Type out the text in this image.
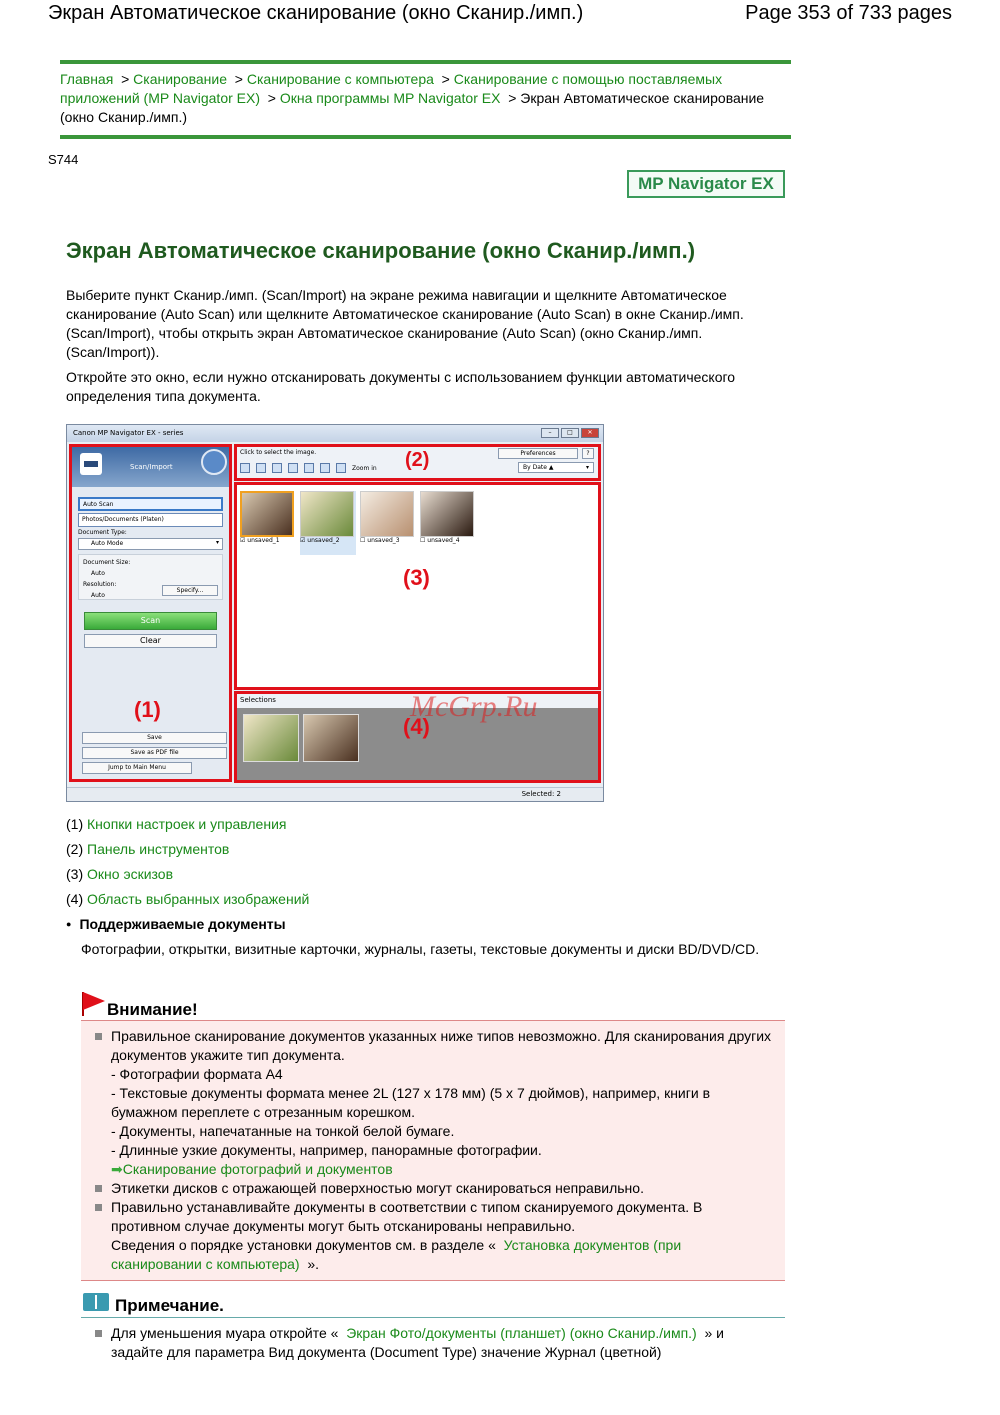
Экран Автоматическое сканирование (окно Сканир./имп.)	Page 353 of 733 pages
Главная  > Сканирование  > Сканирование с компьютера  > Сканирование с помощью поставляемых приложений (MP Navigator EX)  > Окна программы MP Navigator EX  > Экран Автоматическое сканирование (окно Сканир./имп.)
S744
MP Navigator EX
Экран Автоматическое сканирование (окно Сканир./имп.)
Выберите пункт Сканир./имп. (Scan/Import) на экране режима навигации и щелкните Автоматическое сканирование (Auto Scan) или щелкните Автоматическое сканирование (Auto Scan) в окне Сканир./имп. (Scan/Import), чтобы открыть экран Автоматическое сканирование (Auto Scan) (окно Сканир./имп. (Scan/Import)).
Откройте это окно, если нужно отсканировать документы с использованием функции автоматического определения типа документа.
Canon MP Navigator EX - series	–	□	✕
Scan/Import
Auto Scan
Photos/Documents (Platen)
Document Type:
Auto Mode ▾
Document Size:
Auto
Resolution:
Auto
Specify...
Scan
Clear
(1)
Save
Save as PDF file
Jump to Main Menu
Click to select the image.	Preferences	?
Zoom in	By Date ▲	▾
(2)
☑ unsaved_1	☑ unsaved_2	☐ unsaved_3	☐ unsaved_4
(3)
Selections
(4)
Selected: 2
McGrp.Ru
(1) Кнопки настроек и управления
(2) Панель инструментов
(3) Окно эскизов
(4) Область выбранных изображений
● Поддерживаемые документы
Фотографии, открытки, визитные карточки, журналы, газеты, текстовые документы и диски BD/DVD/CD.
Внимание!
Правильное сканирование документов указанных ниже типов невозможно. Для сканирования других документов укажите тип документа.
- Фотографии формата A4
- Текстовые документы формата менее 2L (127 x 178 мм) (5 x 7 дюймов), например, книги в бумажном переплете с отрезанным корешком.
- Документы, напечатанные на тонкой белой бумаге.
- Длинные узкие документы, например, панорамные фотографии.
➡Сканирование фотографий и документов
Этикетки дисков с отражающей поверхностью могут сканироваться неправильно.
Правильно устанавливайте документы в соответствии с типом сканируемого документа. В противном случае документы могут быть отсканированы неправильно.
Сведения о порядке установки документов см. в разделе « Установка документов (при сканировании с компьютера) ».
Примечание.
Для уменьшения муара откройте « Экран Фото/документы (планшет) (окно Сканир./имп.) » и задайте для параметра Вид документа (Document Type) значение Журнал (цветной)
